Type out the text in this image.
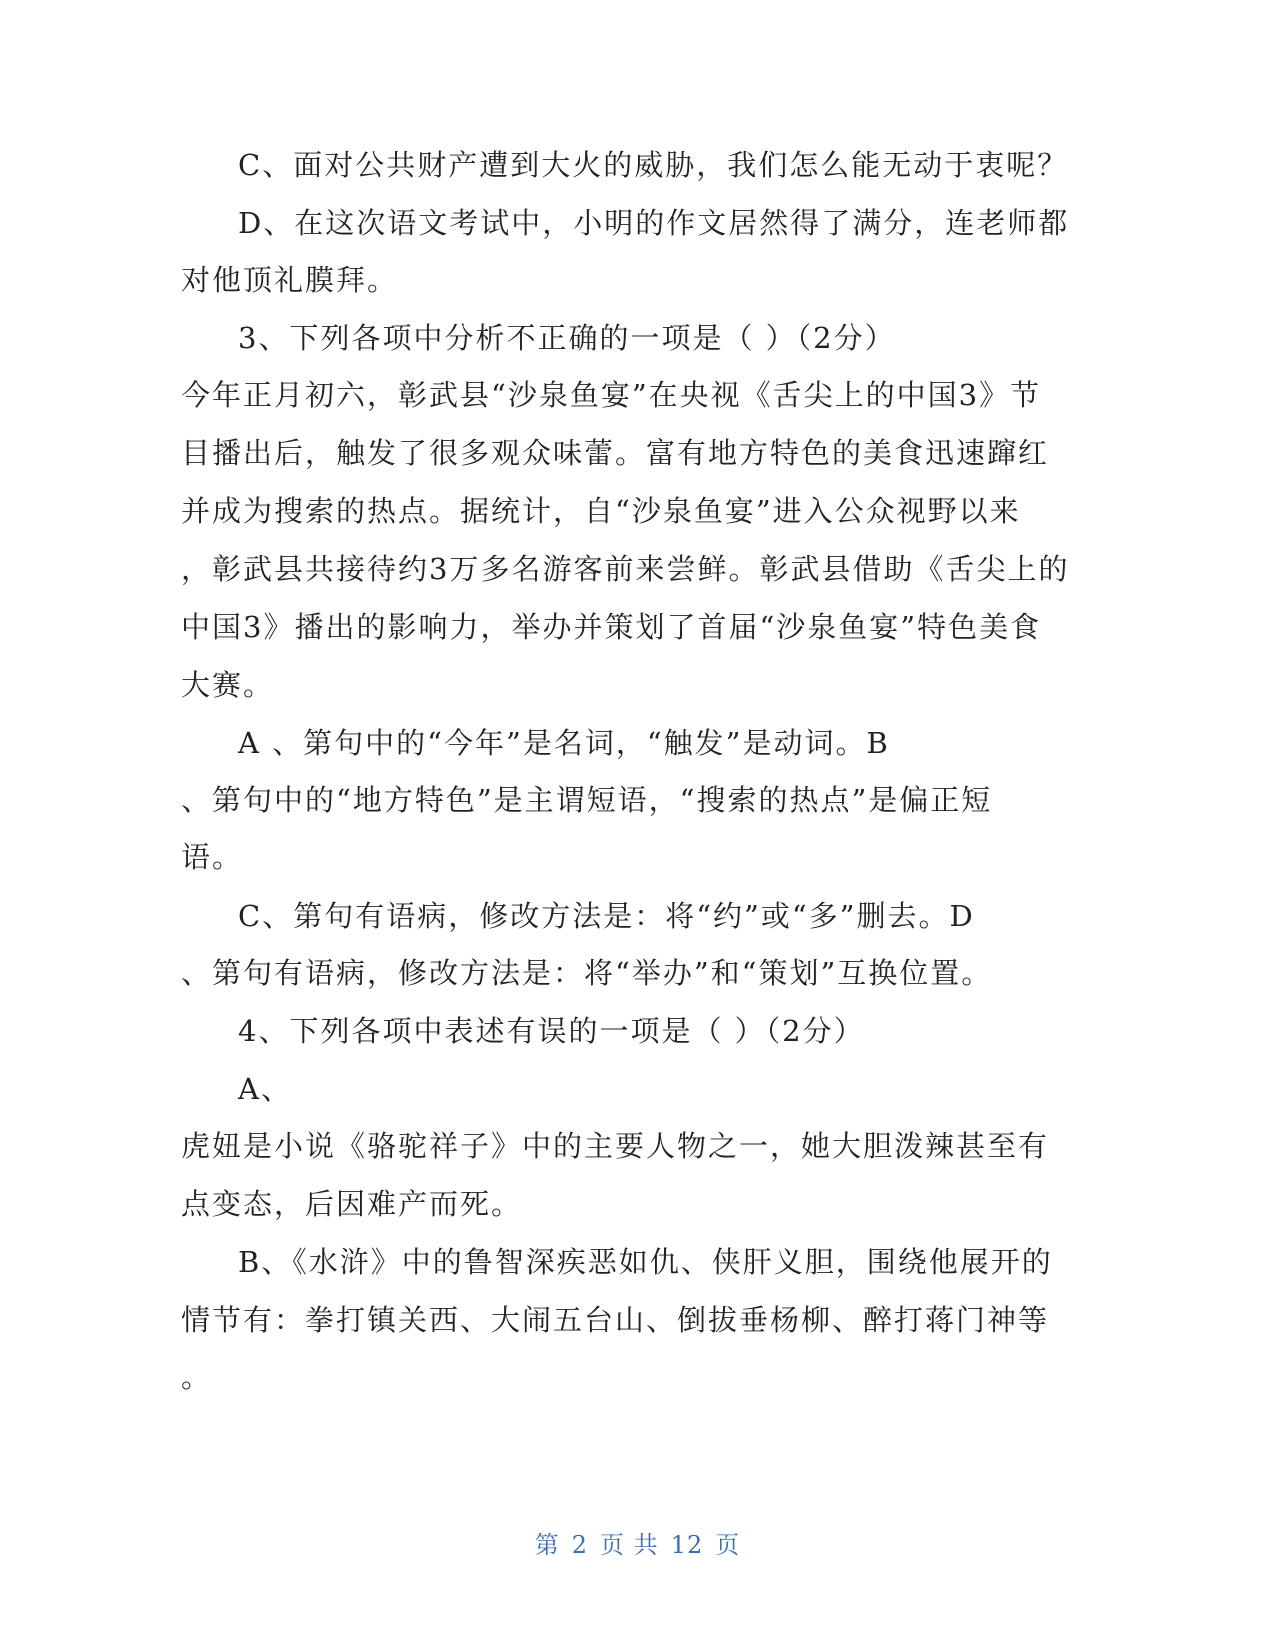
C、面对公共财产遭到大火的威胁，我们怎么能无动于衷呢？
D、在这次语文考试中，小明的作文居然得了满分，连老师都
对他顶礼膜拜。
3、下列各项中分析不正确的一项是（ ）（2分）
今年正月初六，彰武县“沙泉鱼宴”在央视《舌尖上的中国3》节
目播出后，触发了很多观众味蕾。富有地方特色的美食迅速蹿红
并成为搜索的热点。据统计，自“沙泉鱼宴”进入公众视野以来
，彰武县共接待约3万多名游客前来尝鲜。彰武县借助《舌尖上的
中国3》播出的影响力，举办并策划了首届“沙泉鱼宴”特色美食
大赛。
A 、第句中的“今年”是名词，“触发”是动词。B
、第句中的“地方特色”是主谓短语，“搜索的热点”是偏正短
语。
C、第句有语病，修改方法是：将“约”或“多”删去。D
、第句有语病，修改方法是：将“举办”和“策划”互换位置。
4、下列各项中表述有误的一项是（ ）（2分）
A、
虎妞是小说《骆驼祥子》中的主要人物之一，她大胆泼辣甚至有
点变态，后因难产而死。
B、《水浒》中的鲁智深疾恶如仇、侠肝义胆，围绕他展开的
情节有：拳打镇关西、大闹五台山、倒拔垂杨柳、醉打蒋门神等
。
第 2 页 共 12 页
